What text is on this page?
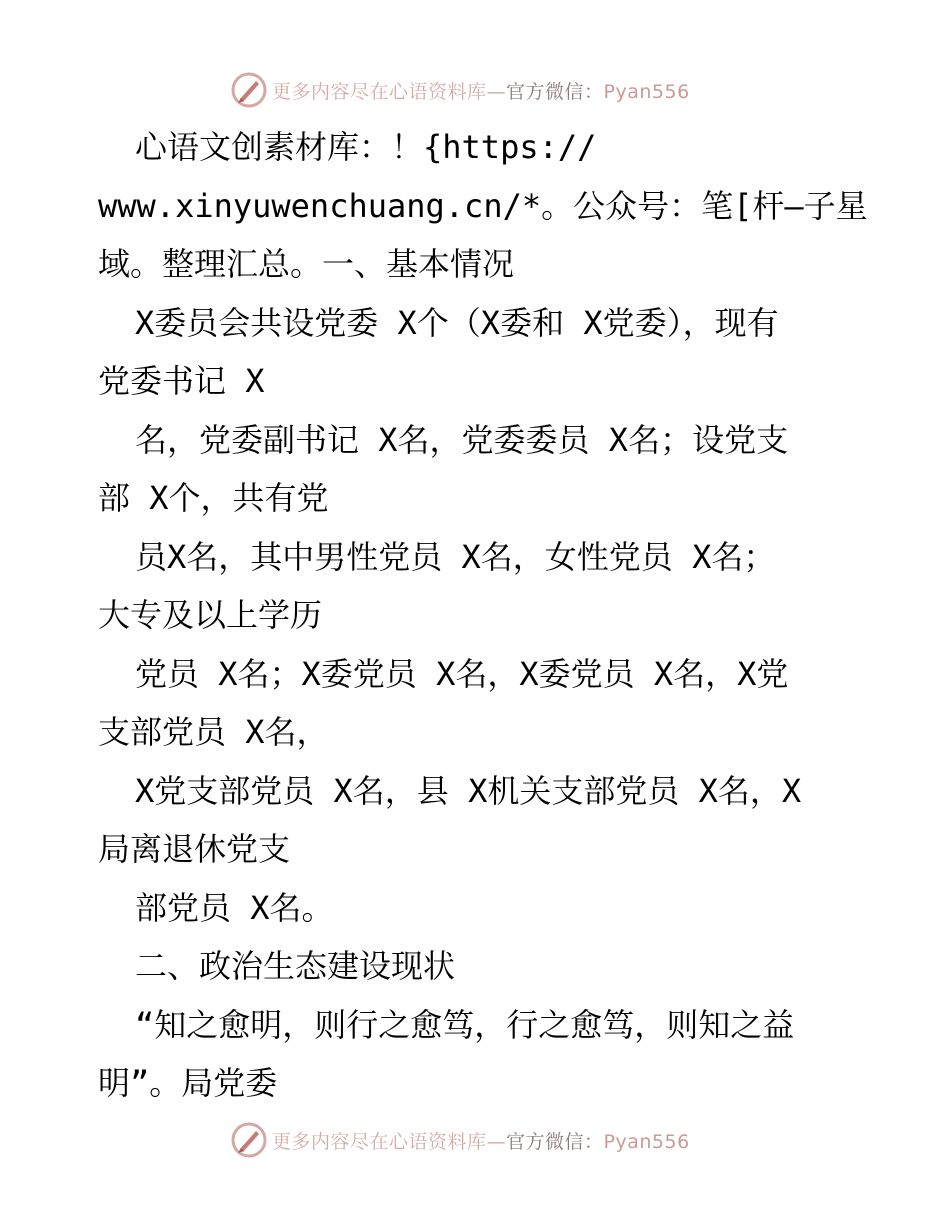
更多内容尽在心语资料库—官方微信：Pyan556
心语文创素材库：！{https://
www.xinyuwenchuang.cn/*。公众号：笔[杆—子星
域。整理汇总。一、基本情况
X委员会共设党委 X个（X委和 X党委），现有
党委书记 X
名，党委副书记 X名，党委委员 X名；设党支
部 X个，共有党
员X名，其中男性党员 X名，女性党员 X名；
大专及以上学历
党员 X名；X委党员 X名，X委党员 X名，X党
支部党员 X名，
X党支部党员 X名，县 X机关支部党员 X名，X
局离退休党支
部党员 X名。
二、政治生态建设现状
“知之愈明，则行之愈笃，行之愈笃，则知之益
明”。局党委
更多内容尽在心语资料库—官方微信：Pyan556
